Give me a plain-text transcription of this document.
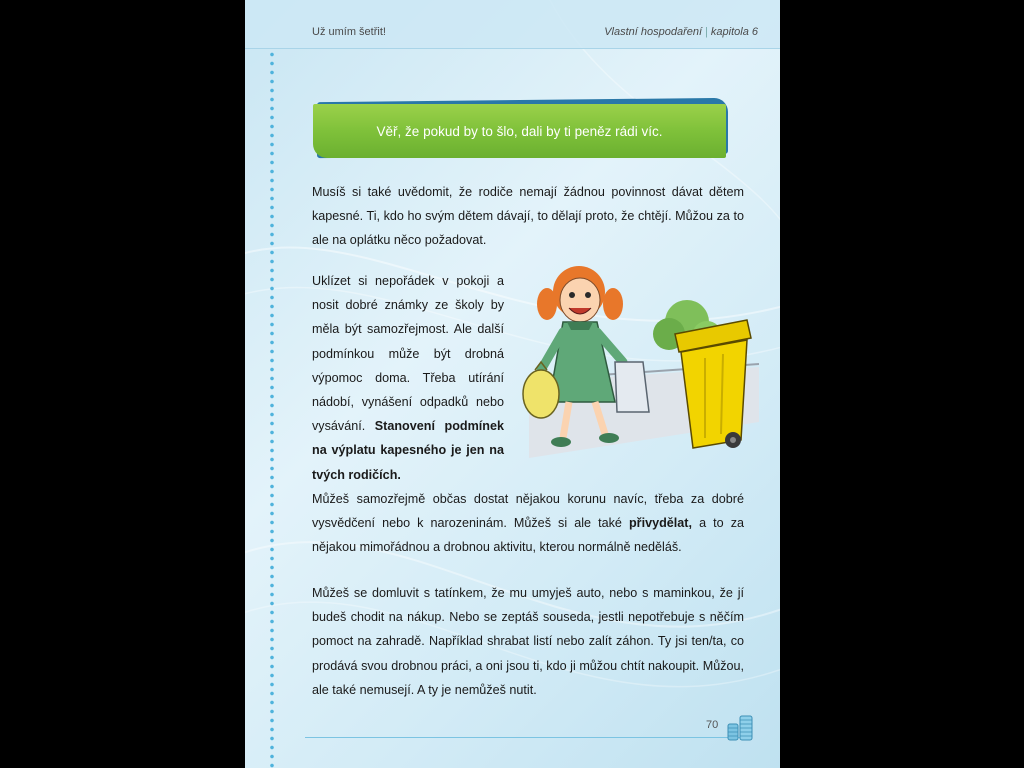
Už umím šetřit!	Vlastní hospodaření | kapitola 6
Věř, že pokud by to šlo, dali by ti peněz rádi víc.

Musíš si také uvědomit, že rodiče nemají žádnou povinnost dávat dětem kapesné. Ti, kdo ho svým dětem dávají, to dělají proto, že chtějí. Můžou za to ale na oplátku něco požadovat.

Uklízet si nepořádek v pokoji a nosit dobré známky ze školy by měla být samozřejmost. Ale další podmínkou může být drobná výpomoc doma. Třeba utírání nádobí, vynášení odpadků nebo vysávání. Stanovení podmínek na výplatu kapesného je jen na tvých rodičích.

Můžeš samozřejmě občas dostat nějakou korunu navíc, třeba za dobré vysvědčení nebo k narozeninám. Můžeš si ale také přivydělat, a to za nějakou mimořádnou a drobnou aktivitu, kterou normálně neděláš.

Můžeš se domluvit s tatínkem, že mu umyješ auto, nebo s maminkou, že jí budeš chodit na nákup. Nebo se zeptáš souseda, jestli nepotřebuje s něčím pomoct na zahradě. Například shrabat listí nebo zalít záhon. Ty jsi ten/ta, co prodává svou drobnou práci, a oni jsou ti, kdo ji můžou chtít nakoupit. Můžou, ale také nemusejí. A ty je nemůžeš nutit.

70
